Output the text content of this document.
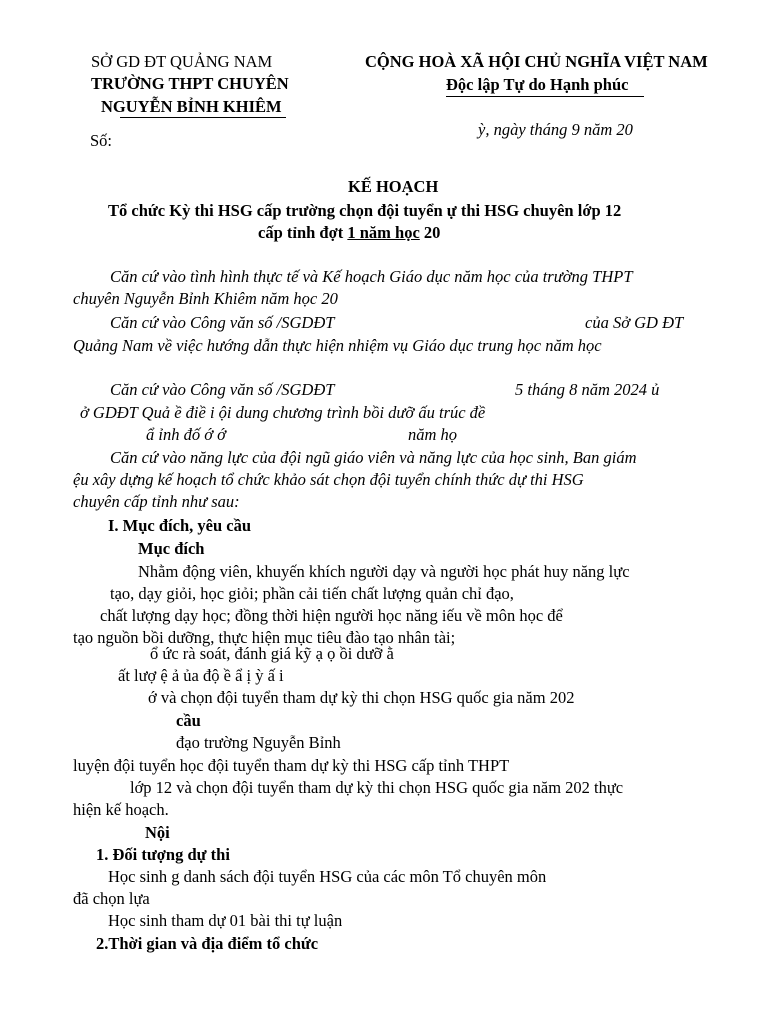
SỞ GD ĐT QUẢNG NAM
TRƯỜNG THPT CHUYÊN
NGUYỄN BỈNH KHIÊM
Số:
CỘNG HOÀ XÃ HỘI CHỦ NGHĨA VIỆT NAM
Độc lập Tự do Hạnh phúc
ỳ, ngày tháng 9 năm 20
KẾ HOẠCH
Tổ chức Kỳ thi HSG cấp trường chọn đội tuyển ự thi HSG chuyên lớp 12
cấp tỉnh đợt 1 năm học 20
Căn cứ vào tình hình thực tế và Kế hoạch Giáo dục năm học của trường THPT
chuyên Nguyễn Bỉnh Khiêm năm học 20
Căn cứ vào Công văn số /SGDĐT	của Sở GD ĐT
Quảng Nam về việc hướng dẫn thực hiện nhiệm vụ Giáo dục trung học năm học
Căn cứ vào Công văn số /SGDĐT	5 tháng 8 năm 2024 ủ
ở GDĐT Quả ề điề i ội dung chương trình bồi dưỡ ấu trúc đề
ẩ ỉnh đố ớ ớ	năm họ
Căn cứ vào năng lực của đội ngũ giáo viên và năng lực của học sinh, Ban giám
ệu xây dựng kế hoạch tổ chức khảo sát chọn đội tuyển chính thức dự thi HSG
chuyên cấp tỉnh như sau:
I. Mục đích, yêu cầu
Mục đích
Nhằm động viên, khuyến khích người dạy và người học phát huy năng lực
tạo, dạy giỏi, học giỏi; phần cải tiến chất lượng quản chỉ đạo,
chất lượng dạy học; đồng thời hiện người học năng iếu về môn học để
tạo nguồn bồi dưỡng, thực hiện mục tiêu đào tạo nhân tài;
ổ ức rà soát, đánh giá kỹ ạ ọ ồi dưỡ ằ
ất lượ ệ ả ủa độ ề ẩ ị ỳ ấ i
ớ và chọn đội tuyển tham dự kỳ thi chọn HSG quốc gia năm 202
cầu
đạo trường Nguyễn Bỉnh
luyện đội tuyển học đội tuyển tham dự kỳ thi HSG cấp tỉnh THPT
lớp 12 và chọn đội tuyển tham dự kỳ thi chọn HSG quốc gia năm 202 thực
hiện kế hoạch.
Nội
1. Đối tượng dự thi
Học sinh g danh sách đội tuyển HSG của các môn Tổ chuyên môn
đã chọn lựa
Học sinh tham dự 01 bài thi tự luận
2.Thời gian và địa điểm tổ chức
